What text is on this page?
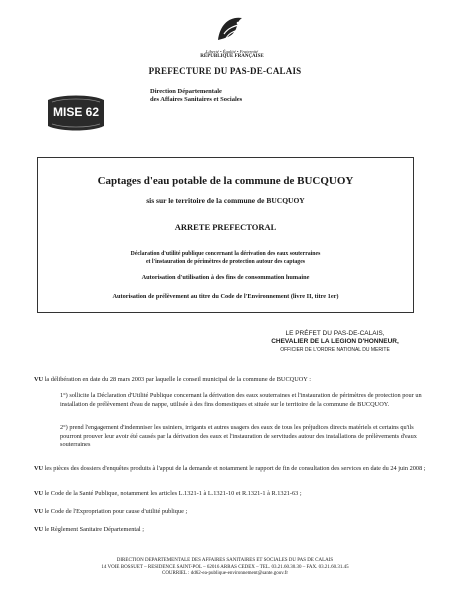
Liberté • Égalité • Fraternité
RÉPUBLIQUE FRANÇAISE
PREFECTURE DU PAS-DE-CALAIS
Direction Départementale
des Affaires Sanitaires et Sociales
MISE 62
Captages d'eau potable de la commune de BUCQUOY
sis sur le territoire de la commune de BUCQUOY
ARRETE PREFECTORAL
Déclaration d'utilité publique concernant la dérivation des eaux souterraines
et l'instauration de périmètres de protection autour des captages
Autorisation d'utilisation à des fins de consommation humaine
Autorisation de prélèvement au titre du Code de l'Environnement (livre II, titre 1er)
LE PRÉFET DU PAS-DE-CALAIS,
CHEVALIER DE LA LEGION D'HONNEUR,
OFFICIER DE L'ORDRE NATIONAL DU MERITE
VU la délibération en date du 28 mars 2003 par laquelle le conseil municipal de la commune de BUCQUOY :
1°) sollicite la Déclaration d'Utilité Publique concernant la dérivation des eaux souterraines et l'instauration de périmètres de protection pour un installation de prélèvement d'eau de nappe, utilisée à des fins domestiques et située sur le territoire de la commune de BUCQUOY.
2°) prend l'engagement d'indemniser les usiniers, irrigants et autres usagers des eaux de tous les préjudices directs matériels et certains qu'ils pourront prouver leur avoir été causés par la dérivation des eaux et l'instauration de servitudes autour des installations de prélèvements d'eaux souterraines
VU les pièces des dossiers d'enquêtes produits à l'appui de la demande et notamment le rapport de fin de consultation des services en date du 24 juin 2008 ;
VU le Code de la Santé Publique, notamment les articles L.1321-1 à L.1321-10 et R.1321-1 à R.1321-63 ;
VU le Code de l'Expropriation pour cause d'utilité publique ;
VU le Règlement Sanitaire Départemental ;
DIRECTION DEPARTEMENTALE DES AFFAIRES SANITAIRES ET SOCIALES DU PAS DE CALAIS
14 VOIE BOSSUET – RESIDENCE SAINT-POL – 62016 ARRAS CEDEX – TEL. 03.21.60.30.30 – FAX. 03.21.60.31.45
COURRIEL : dd62-ea-publique-environnement@sante.gouv.fr
